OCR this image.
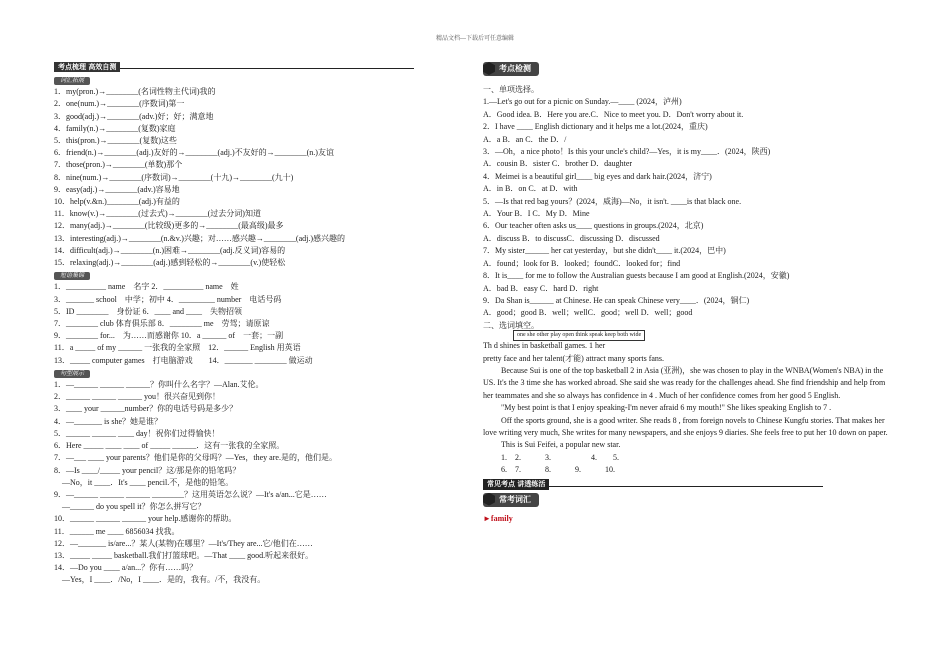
精品文档---下载后可任意编辑
考点梳理 高效自测
词汇拓展
1．my(pron.)→________(名词性物主代词)我的
2．one(num.)→________(序数词)第一
3．good(adj.)→________(adv.)好；好；满意地
4．family(n.)→________(复数)家庭
5．this(pron.)→________(复数)这些
6．friend(n.)→________(adj.)友好的→________(adj.)不友好的→________(n.)友谊
7．those(pron.)→________(单数)那个
8．nine(num.)→________(序数词)→________(十九)→________(九十)
9．easy(adj.)→________(adv.)容易地
10．help(v.&n.)________(adj.)有益的
11．know(v.)→________(过去式)→________(过去分词)知道
12．many(adj.)→________(比较级)更多的→________(最高级)最多
13．interesting(adj.)→________(n.&v.)兴趣；对……感兴趣→________(adj.)感兴趣的
14．difficult(adj.)→________(n.)困难→________(adj.反义词)容易的
15．relaxing(adj.)→________(adj.)感到轻松的→________(v.)使轻松
短语集锦
1．__________ name　名字 2．__________ name　姓
3．_______ school　中学；初中 4．_________ number　电话号码
5．ID ________　身份证 6．____ and ____　失物招领
7．________ club 体育俱乐部 8．________ me　劳驾；请原谅
9．________ for...　为……而感谢你 10．a ______ of　一套；一副
11．a _____ of my ______ 一张我的全家照　12．______ English 用英语
13．_____ computer games　打电脑游戏　　14．_______ ________ 做运动
句型展示
1．—______ ______ ______？你叫什么名字？—Alan.艾伦。
2．______ ______ ______ you！很兴奋见到你！
3．____ your ______number？你的电话号码是多少？
4．—_______ is she？她是谁？
5．______ ______ ____ day！祝你们过得愉快！
6．Here _____ ____ ____ of _____ ______．这有一张我的全家照。
7．—___ ____ your parents？他们是你的父母吗？—Yes，they are.是的，他们是。
8．—Is ____/_____ your pencil？这/那是你的铅笔吗？
　—No，it ____．It's ____ pencil.不，是他的铅笔。
9．—______ ______ ______ ________？这用英语怎么说？—It's a/an...它是……
　—______ do you spell it？你怎么拼写它？
10．______ ______ ______ your help.感谢你的帮助。
11．______ me ____ 6856034 找我。
12．—_______ is/are...？某人(某物)在哪里？—It's/They are...它/他们在……
13．_____ _____ basketball.我们打篮球吧。—That ____ good.听起来很好。
14．—Do you ____ a/an...？你有……吗？
　—Yes，I ____．/No，I ____．是的，我有。/不，我没有。
考点检测
一、单项选择。
1.—Let's go out for a picnic on Sunday.—____ (2024，泸州)
A．Good idea. B．Here you are.C．Nice to meet you. D．Don't worry about it.
2．I have ____ English dictionary and it helps me a lot.(2024，重庆)
A．a B．an C．the D．/
3．—Oh，a nice photo！Is this your uncle's child?—Yes，it is my____．(2024，陕西)
A．cousin B．sister C．brother D．daughter
4．Meimei is a beautiful girl____ big eyes and dark hair.(2024，济宁)
A．in B．on C．at D．with
5．—Is that red bag yours？(2024，威海)—No，it isn't. ____is that black one.
A．Your B．I C．My D．Mine
6．Our teacher often asks us____ questions in groups.(2024，北京)
A．discuss B．to discussC．discussing D．discussed
7．My sister______ her cat yesterday，but she didn't____ it.(2024，巴中)
A．found；look for B．looked；foundC．looked for；find
8．It is____ for me to follow the Australian guests because I am good at English.(2024，安徽)
A．bad B．easy C．hard D．right
9．Da Shan is______ at Chinese. He can speak Chinese very____．(2024，铜仁)
A．good；good B．well；wellC．good；well D．well；good
二、选词填空。
one she other play open think speak keep both wide
Th d shines in basketball games. 1 her
pretty face and her talent(才能) attract many sports fans.
Because Sui is one of the top basketball 2 in Asia (亚洲)，she was chosen to play in the WNBA(Women's NBA) in the US. It's the 3 time she has worked abroad. She said she was ready for the challenges ahead. She find friendship and help from her teammates and she so always has confidence in 4 . Much of her confidence comes from her good 5 English.
"My best point is that I enjoy speaking-I'm never afraid 6 my mouth!" She likes speaking English to 7 .
Off the sports ground, she is a good writer. She reads 8 , from foreign novels to Chinese Kungfu stories. That makes her love writing very much, She writes for many newspapers, and she enjoys 9 diaries. She feels free to put her 10 down on paper.
This is Sui Feifei, a popular new star.
1.　2.　　　3.　　　　　4.　　5.
6.　7.　　　8.　　　9.　　　10.
常见考点 讲透练活
常考词汇
►family
